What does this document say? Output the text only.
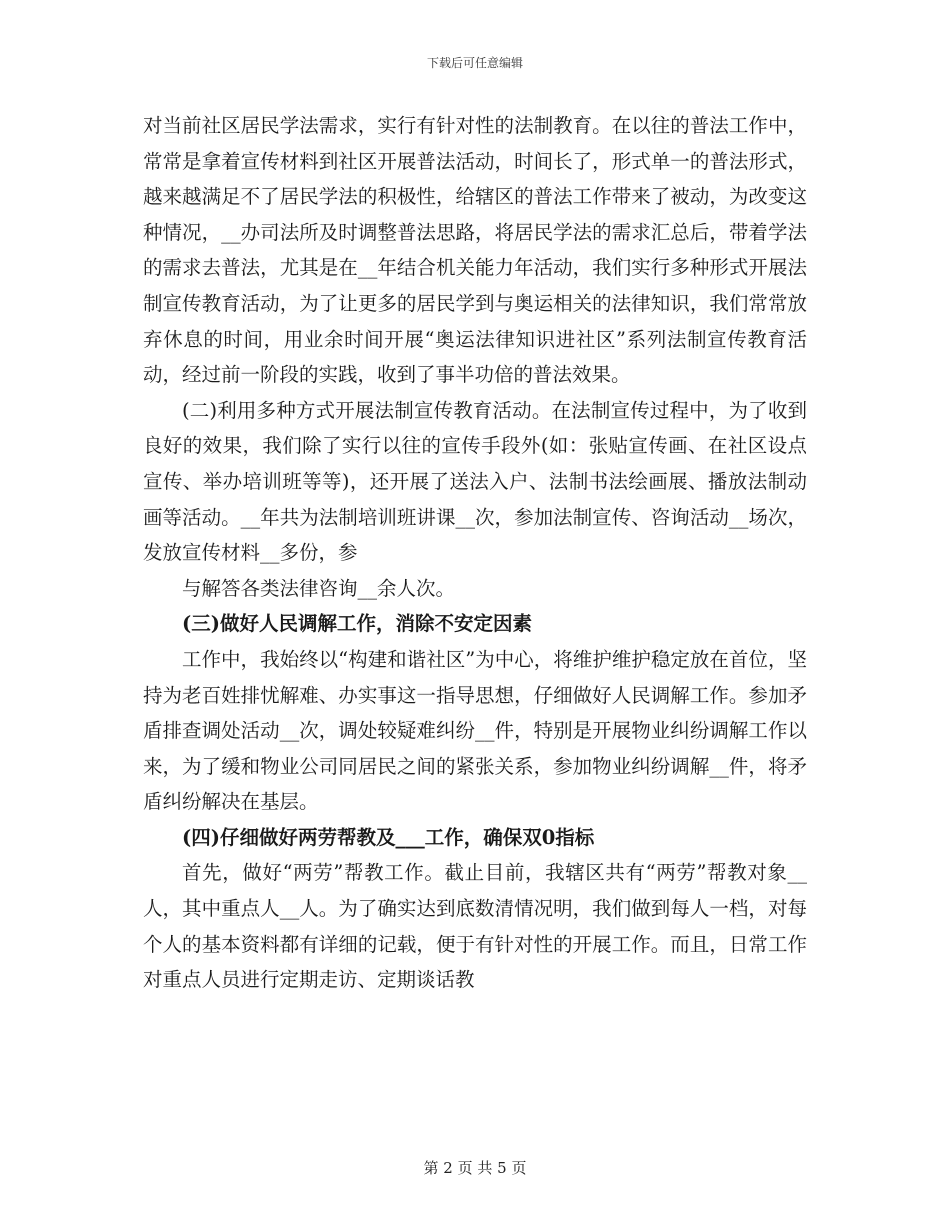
下载后可任意编辑

对当前社区居民学法需求，实行有针对性的法制教育。在以往的普法工作中，常常是拿着宣传材料到社区开展普法活动，时间长了，形式单一的普法形式，越来越满足不了居民学法的积极性，给辖区的普法工作带来了被动，为改变这种情况，__办司法所及时调整普法思路，将居民学法的需求汇总后，带着学法的需求去普法，尤其是在__年结合机关能力年活动，我们实行多种形式开展法制宣传教育活动，为了让更多的居民学到与奥运相关的法律知识，我们常常放弃休息的时间，用业余时间开展“奥运法律知识进社区”系列法制宣传教育活动，经过前一阶段的实践，收到了事半功倍的普法效果。

(二)利用多种方式开展法制宣传教育活动。在法制宣传过程中，为了收到良好的效果，我们除了实行以往的宣传手段外(如：张贴宣传画、在社区设点宣传、举办培训班等等)，还开展了送法入户、法制书法绘画展、播放法制动画等活动。__年共为法制培训班讲课__次，参加法制宣传、咨询活动__场次，发放宣传材料__多份，参

与解答各类法律咨询__余人次。

(三)做好人民调解工作，消除不安定因素

工作中，我始终以“构建和谐社区”为中心，将维护维护稳定放在首位，坚持为老百姓排忧解难、办实事这一指导思想，仔细做好人民调解工作。参加矛盾排查调处活动__次，调处较疑难纠纷__件，特别是开展物业纠纷调解工作以来，为了缓和物业公司同居民之间的紧张关系，参加物业纠纷调解__件，将矛盾纠纷解决在基层。

(四)仔细做好两劳帮教及___工作，确保双0指标

首先，做好“两劳”帮教工作。截止目前，我辖区共有“两劳”帮教对象__人，其中重点人__人。为了确实达到底数清情况明，我们做到每人一档，对每个人的基本资料都有详细的记载，便于有针对性的开展工作。而且，日常工作对重点人员进行定期走访、定期谈话教

第 2 页 共 5 页
